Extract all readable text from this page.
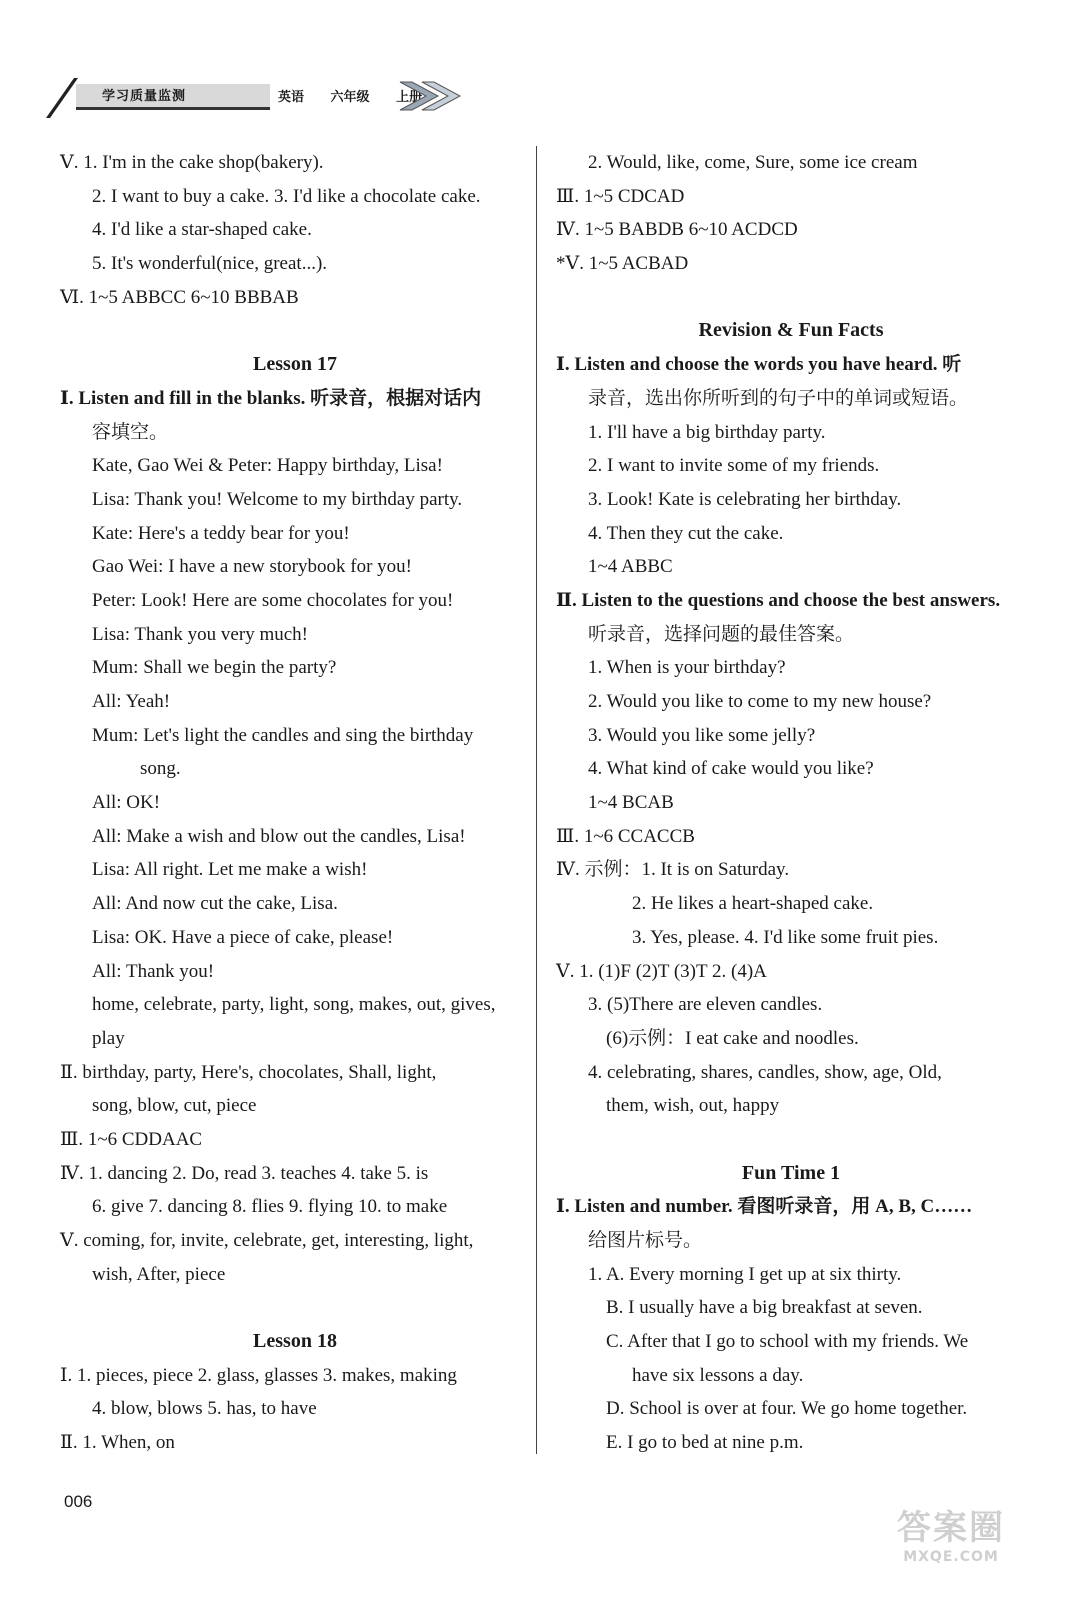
学习质量监测	英语 六年级 上册
Ⅴ. 1. I'm in the cake shop(bakery).
2. I want to buy a cake. 3. I'd like a chocolate cake.
4. I'd like a star-shaped cake.
5. It's wonderful(nice, great...).
Ⅵ. 1~5 ABBCC 6~10 BBBAB
Lesson 17
Ⅰ. Listen and fill in the blanks. 听录音，根据对话内
容填空。
Kate, Gao Wei & Peter: Happy birthday, Lisa!
Lisa: Thank you! Welcome to my birthday party.
Kate: Here's a teddy bear for you!
Gao Wei: I have a new storybook for you!
Peter: Look! Here are some chocolates for you!
Lisa: Thank you very much!
Mum: Shall we begin the party?
All: Yeah!
Mum: Let's light the candles and sing the birthday
song.
All: OK!
All: Make a wish and blow out the candles, Lisa!
Lisa: All right. Let me make a wish!
All: And now cut the cake, Lisa.
Lisa: OK. Have a piece of cake, please!
All: Thank you!
home, celebrate, party, light, song, makes, out, gives,
play
Ⅱ. birthday, party, Here's, chocolates, Shall, light,
song, blow, cut, piece
Ⅲ. 1~6 CDDAAC
Ⅳ. 1. dancing 2. Do, read 3. teaches 4. take 5. is
6. give 7. dancing 8. flies 9. flying 10. to make
Ⅴ. coming, for, invite, celebrate, get, interesting, light,
wish, After, piece
Lesson 18
Ⅰ. 1. pieces, piece 2. glass, glasses 3. makes, making
4. blow, blows 5. has, to have
Ⅱ. 1. When, on
2. Would, like, come, Sure, some ice cream
Ⅲ. 1~5 CDCAD
Ⅳ. 1~5 BABDB 6~10 ACDCD
*Ⅴ. 1~5 ACBAD
Revision & Fun Facts
Ⅰ. Listen and choose the words you have heard. 听
录音，选出你所听到的句子中的单词或短语。
1. I'll have a big birthday party.
2. I want to invite some of my friends.
3. Look! Kate is celebrating her birthday.
4. Then they cut the cake.
1~4 ABBC
Ⅱ. Listen to the questions and choose the best answers.
听录音，选择问题的最佳答案。
1. When is your birthday?
2. Would you like to come to my new house?
3. Would you like some jelly?
4. What kind of cake would you like?
1~4 BCAB
Ⅲ. 1~6 CCACCB
Ⅳ. 示例：1. It is on Saturday.
2. He likes a heart-shaped cake.
3. Yes, please. 4. I'd like some fruit pies.
Ⅴ. 1. (1)F (2)T (3)T 2. (4)A
3. (5)There are eleven candles.
(6)示例：I eat cake and noodles.
4. celebrating, shares, candles, show, age, Old,
them, wish, out, happy
Fun Time 1
Ⅰ. Listen and number. 看图听录音，用 A, B, C……
给图片标号。
1. A. Every morning I get up at six thirty.
B. I usually have a big breakfast at seven.
C. After that I go to school with my friends. We
have six lessons a day.
D. School is over at four. We go home together.
E. I go to bed at nine p.m.
006
答案圈
MXQE.COM
